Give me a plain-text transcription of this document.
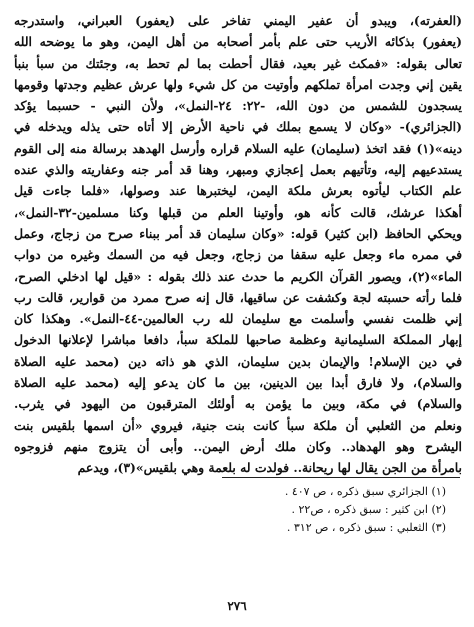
(العفرته)، ويبدو أن عفير اليمني تفاخر على (يعفور) العبراني، واستدرجه
(يعفور) بذكائه الأريب حتى علم بأمر أصحابه من أهل اليمن، وهو ما يوضحه الله
تعالى بقوله: «فمكث غير بعيد، فقال أحطت بما لم تحط به، وجئتك من سبأ بنبأ
يقين إني وجدت امرأة تملكهم وأوتيت من كل شيء ولها عرش عظيم وجدتها وقومها
يسجدون للشمس من دون الله، -٢٢: ٢٤-النمل»، ولأن النبي - حسبما يؤكد
(الجزائري)- «وكان لا يسمع بملك في ناحية الأرض إلا أتاه حتى يذله ويدخله في
دينه»(١) فقد اتخذ (سليمان) عليه السلام قراره وأرسل الهدهد برسالة منه إلى القوم
يستدعيهم إليه، وتأتيهم بعمل إعجازي ومبهر، وهنا قد أمر جنه وعفاريته والذي عنده
علم الكتاب ليأتوه بعرش ملكة اليمن، ليختبرها عند وصولها، «فلما جاءت قيل
أهكذا عرشك، قالت كأنه هو، وأوتينا العلم من قبلها وكنا مسلمين-٣٢-النمل»،
ويحكي الحافظ (ابن كثير) قوله: «وكان سليمان قد أمر ببناء صرح من زجاج، وعمل
في ممره ماء وجعل عليه سقفا من زجاج، وجعل فيه من السمك وغيره من دواب
الماء»(٢)، ويصور القرآن الكريم ما حدث عند ذلك بقوله : «قيل لها ادخلي الصرح،
فلما رأته حسبته لجة وكشفت عن ساقيها، قال إنه صرح ممرد من قوارير، قالت رب
إني ظلمت نفسي وأسلمت مع سليمان لله رب العالمين-٤٤-النمل». وهكذا كان
إبهار المملكة السليمانية وعظمة صاحبها للملكة سبأ، دافعا مباشرا لإعلانها الدخول
في دين الإسلام! والإيمان بدين سليمان، الذي هو ذاته دين (محمد عليه الصلاة
والسلام)، ولا فارق أبدا بين الدينين، بين ما كان يدعو إليه (محمد عليه الصلاة
والسلام) في مكة، وبين ما يؤمن به أولئك المترقبون من اليهود في يثرب.
ونعلم من الثعلبي أن ملكة سبأ كانت بنت جنية، فيروي «أن اسمها بلقيس بنت
اليشرح وهو الهدهاد.. وكان ملك أرض اليمن.. وأبى أن يتزوج منهم فزوجوه
بامرأة من الجن يقال لها ريحانة.. فولدت له بلعمة وهي بلقيس»(٣)، ويدعم
(١) الجزائري سبق ذكره ، ص ٤٠٧ .
(٢) ابن كثير : سبق ذكره ، ص٢٢ .
(٣) الثعلبي : سبق ذكره ، ص ٣١٢ .
٢٧٦
